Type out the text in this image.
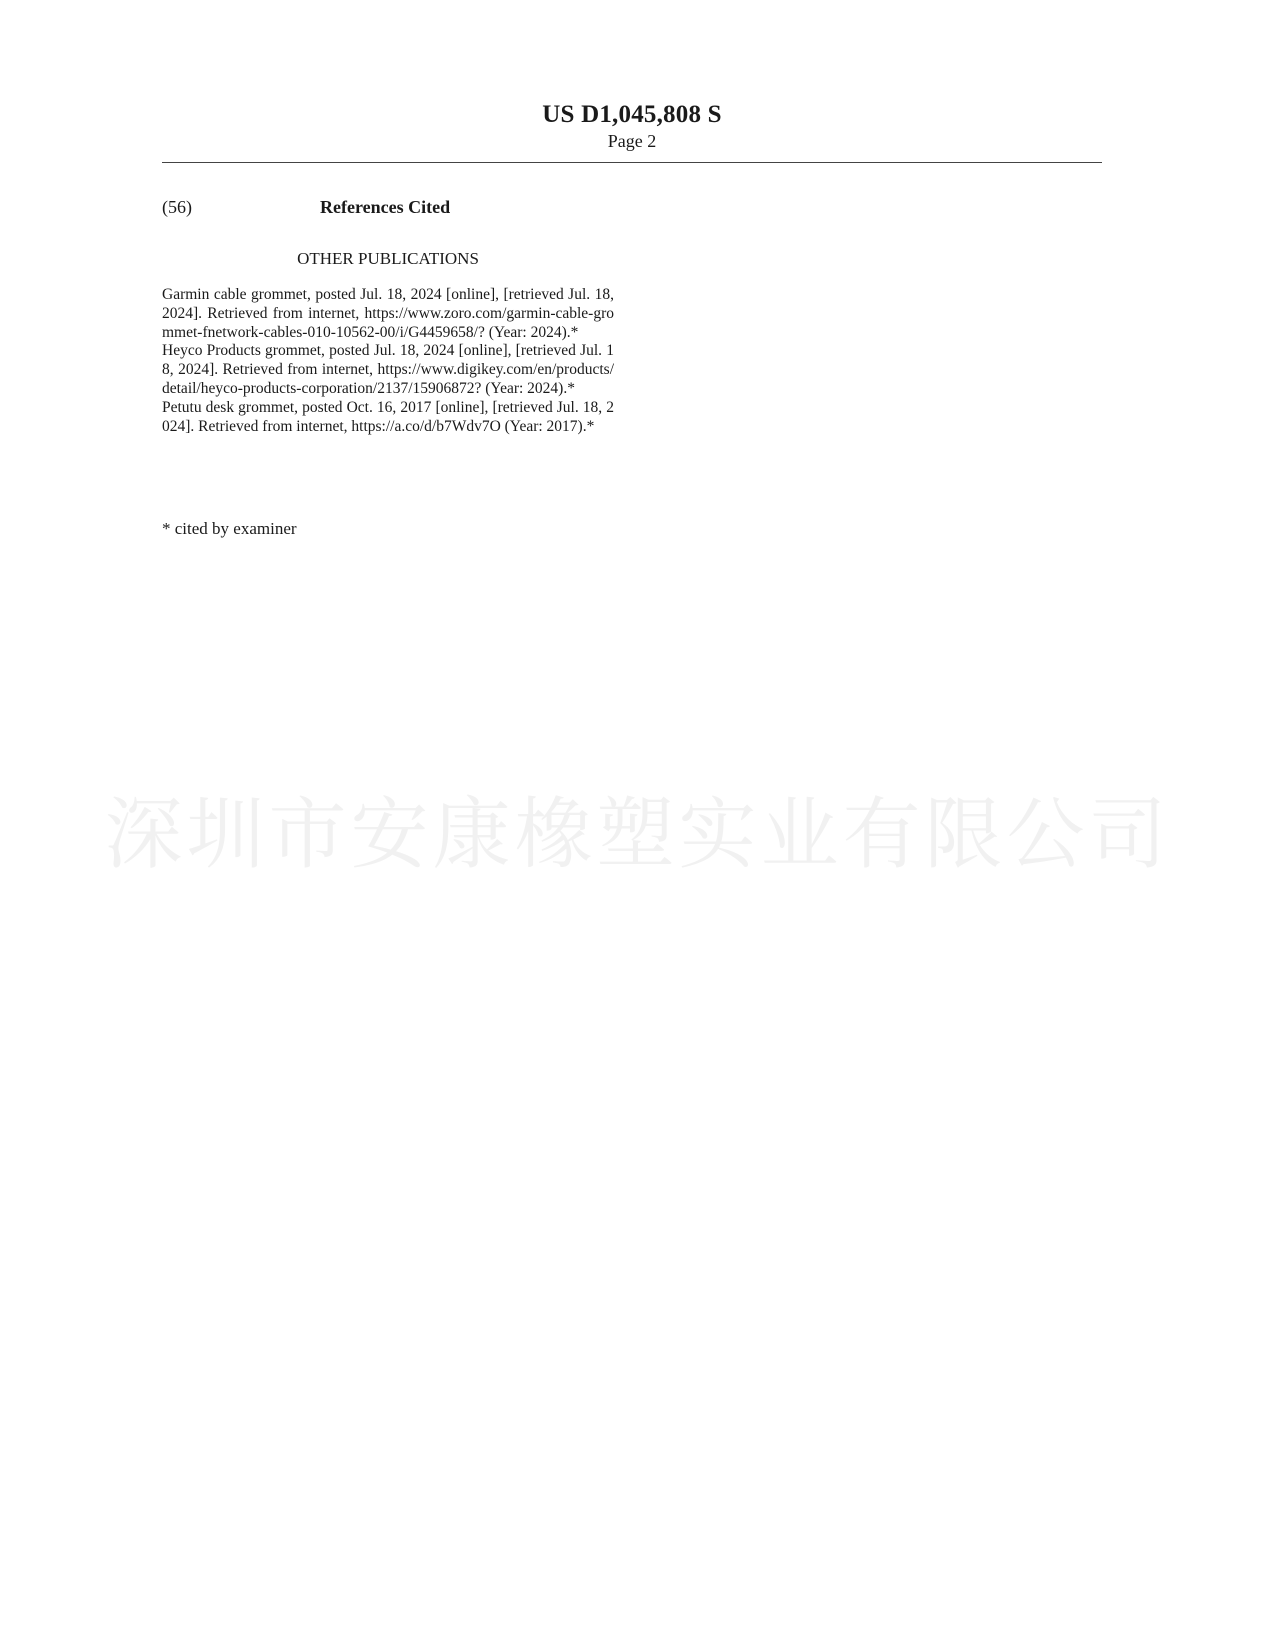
US D1,045,808 S
Page 2
(56)	References Cited
OTHER PUBLICATIONS

Garmin cable grommet, posted Jul. 18, 2024 [online], [retrieved Jul. 18, 2024]. Retrieved from internet, https://www.zoro.com/garmin-cable-grommet-fnetwork-cables-010-10562-00/i/G4459658/? (Year: 2024).*

Heyco Products grommet, posted Jul. 18, 2024 [online], [retrieved Jul. 18, 2024]. Retrieved from internet, https://www.digikey.com/en/products/detail/heyco-products-corporation/2137/15906872? (Year: 2024).*

Petutu desk grommet, posted Oct. 16, 2017 [online], [retrieved Jul. 18, 2024]. Retrieved from internet, https://a.co/d/b7Wdv7O (Year: 2017).*

* cited by examiner
深圳市安康橡塑实业有限公司
